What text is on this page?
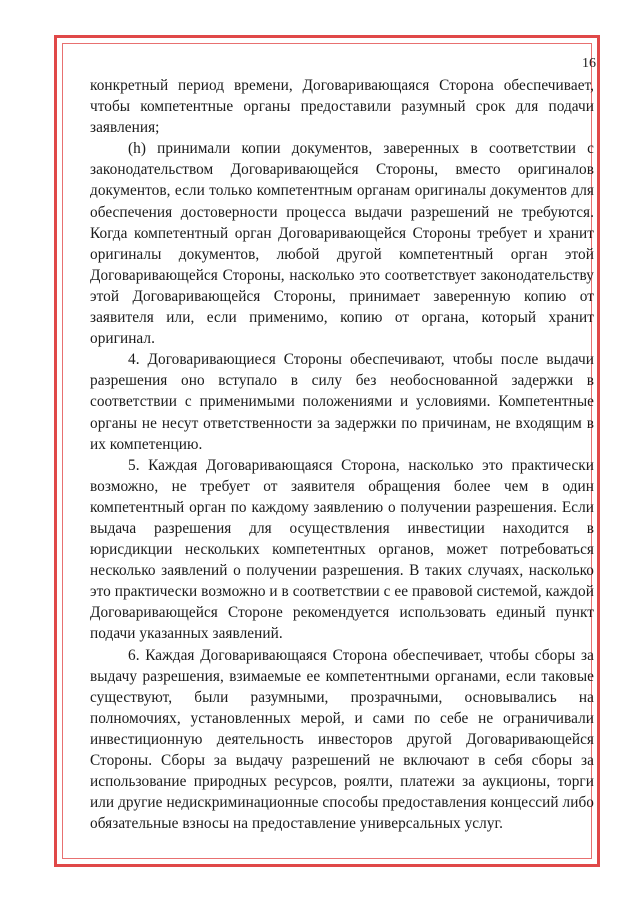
16

конкретный период времени, Договаривающаяся Сторона обеспечивает, чтобы компетентные органы предоставили разумный срок для подачи заявления;

(h) принимали копии документов, заверенных в соответствии с законодательством Договаривающейся Стороны, вместо оригиналов документов, если только компетентным органам оригиналы документов для обеспечения достоверности процесса выдачи разрешений не требуются. Когда компетентный орган Договаривающейся Стороны требует и хранит оригиналы документов, любой другой компетентный орган этой Договаривающейся Стороны, насколько это соответствует законодательству этой Договаривающейся Стороны, принимает заверенную копию от заявителя или, если применимо, копию от органа, который хранит оригинал.

4. Договаривающиеся Стороны обеспечивают, чтобы после выдачи разрешения оно вступало в силу без необоснованной задержки в соответствии с применимыми положениями и условиями. Компетентные органы не несут ответственности за задержки по причинам, не входящим в их компетенцию.

5. Каждая Договаривающаяся Сторона, насколько это практически возможно, не требует от заявителя обращения более чем в один компетентный орган по каждому заявлению о получении разрешения. Если выдача разрешения для осуществления инвестиции находится в юрисдикции нескольких компетентных органов, может потребоваться несколько заявлений о получении разрешения. В таких случаях, насколько это практически возможно и в соответствии с ее правовой системой, каждой Договаривающейся Стороне рекомендуется использовать единый пункт подачи указанных заявлений.

6. Каждая Договаривающаяся Сторона обеспечивает, чтобы сборы за выдачу разрешения, взимаемые ее компетентными органами, если таковые существуют, были разумными, прозрачными, основывались на полномочиях, установленных мерой, и сами по себе не ограничивали инвестиционную деятельность инвесторов другой Договаривающейся Стороны. Сборы за выдачу разрешений не включают в себя сборы за использование природных ресурсов, роялти, платежи за аукционы, торги или другие недискриминационные способы предоставления концессий либо обязательные взносы на предоставление универсальных услуг.
